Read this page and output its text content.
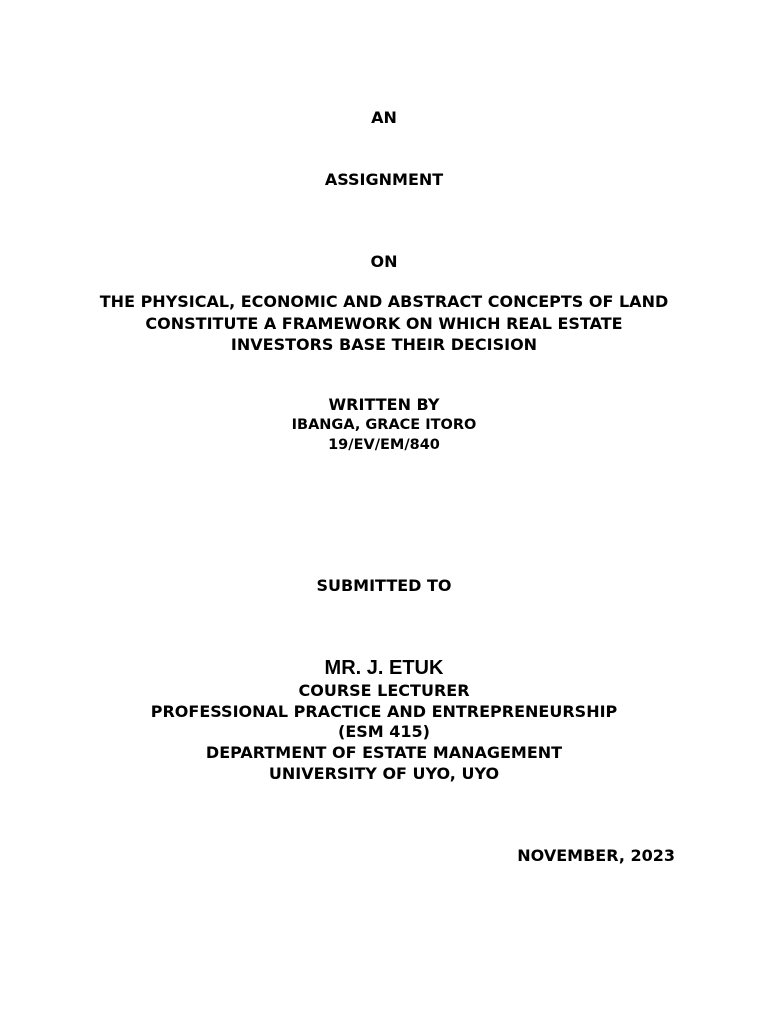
AN
ASSIGNMENT
ON
THE PHYSICAL, ECONOMIC AND ABSTRACT CONCEPTS OF LAND
CONSTITUTE A FRAMEWORK ON WHICH REAL ESTATE
INVESTORS BASE THEIR DECISION
WRITTEN BY
IBANGA, GRACE ITORO
19/EV/EM/840
SUBMITTED TO
MR. J. ETUK
COURSE LECTURER
PROFESSIONAL PRACTICE AND ENTREPRENEURSHIP
(ESM 415)
DEPARTMENT OF ESTATE MANAGEMENT
UNIVERSITY OF UYO, UYO
NOVEMBER, 2023
